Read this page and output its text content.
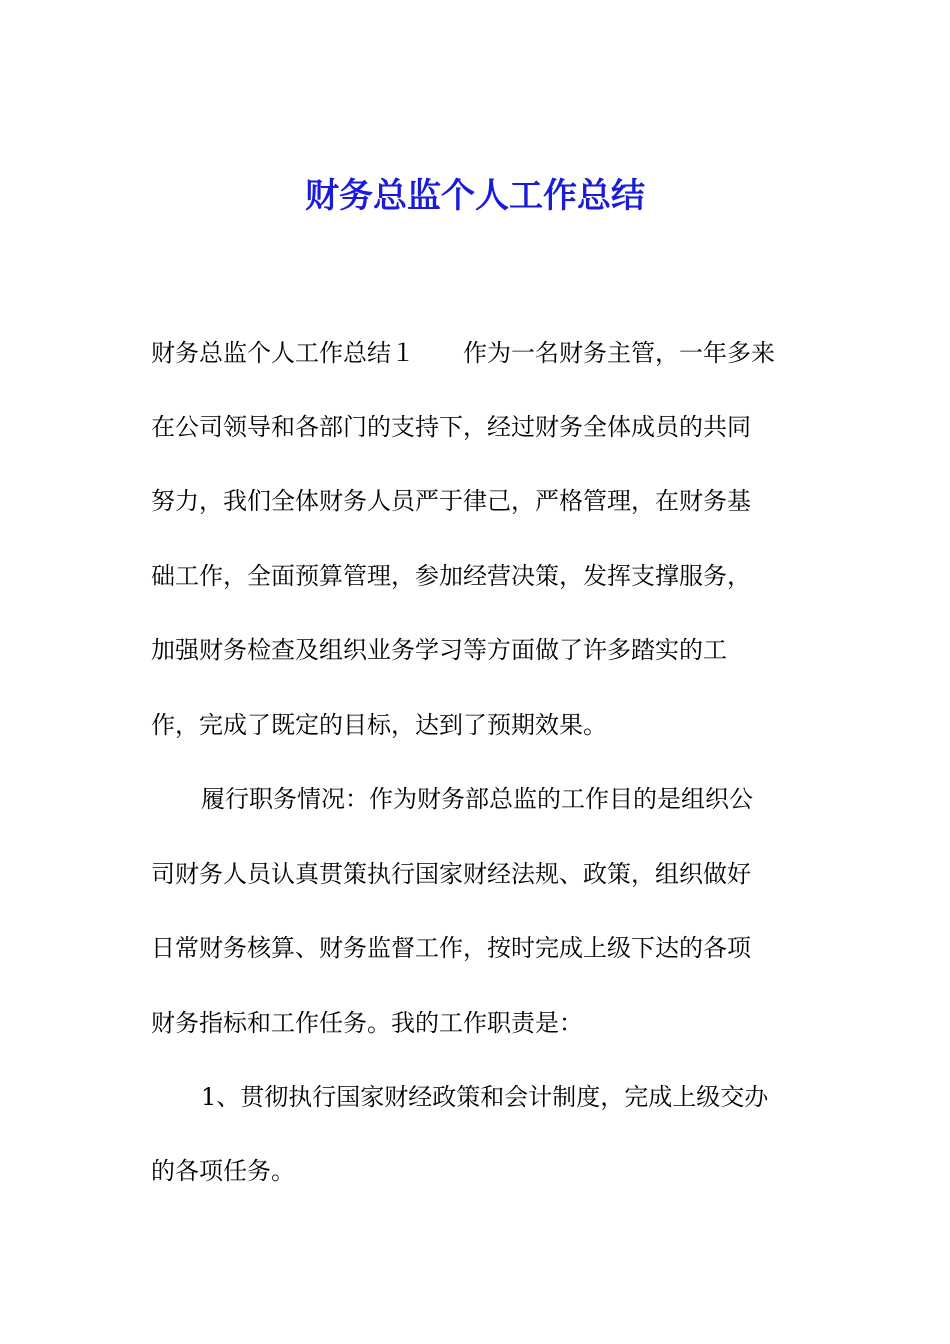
财务总监个人工作总结
财务总监个人工作总结１　　作为一名财务主管，一年多来
在公司领导和各部门的支持下，经过财务全体成员的共同
努力，我们全体财务人员严于律己，严格管理，在财务基
础工作，全面预算管理，参加经营决策，发挥支撑服务，
加强财务检查及组织业务学习等方面做了许多踏实的工
作，完成了既定的目标，达到了预期效果。
履行职务情况：作为财务部总监的工作目的是组织公
司财务人员认真贯策执行国家财经法规、政策，组织做好
日常财务核算、财务监督工作，按时完成上级下达的各项
财务指标和工作任务。我的工作职责是：
1、贯彻执行国家财经政策和会计制度，完成上级交办
的各项任务。
